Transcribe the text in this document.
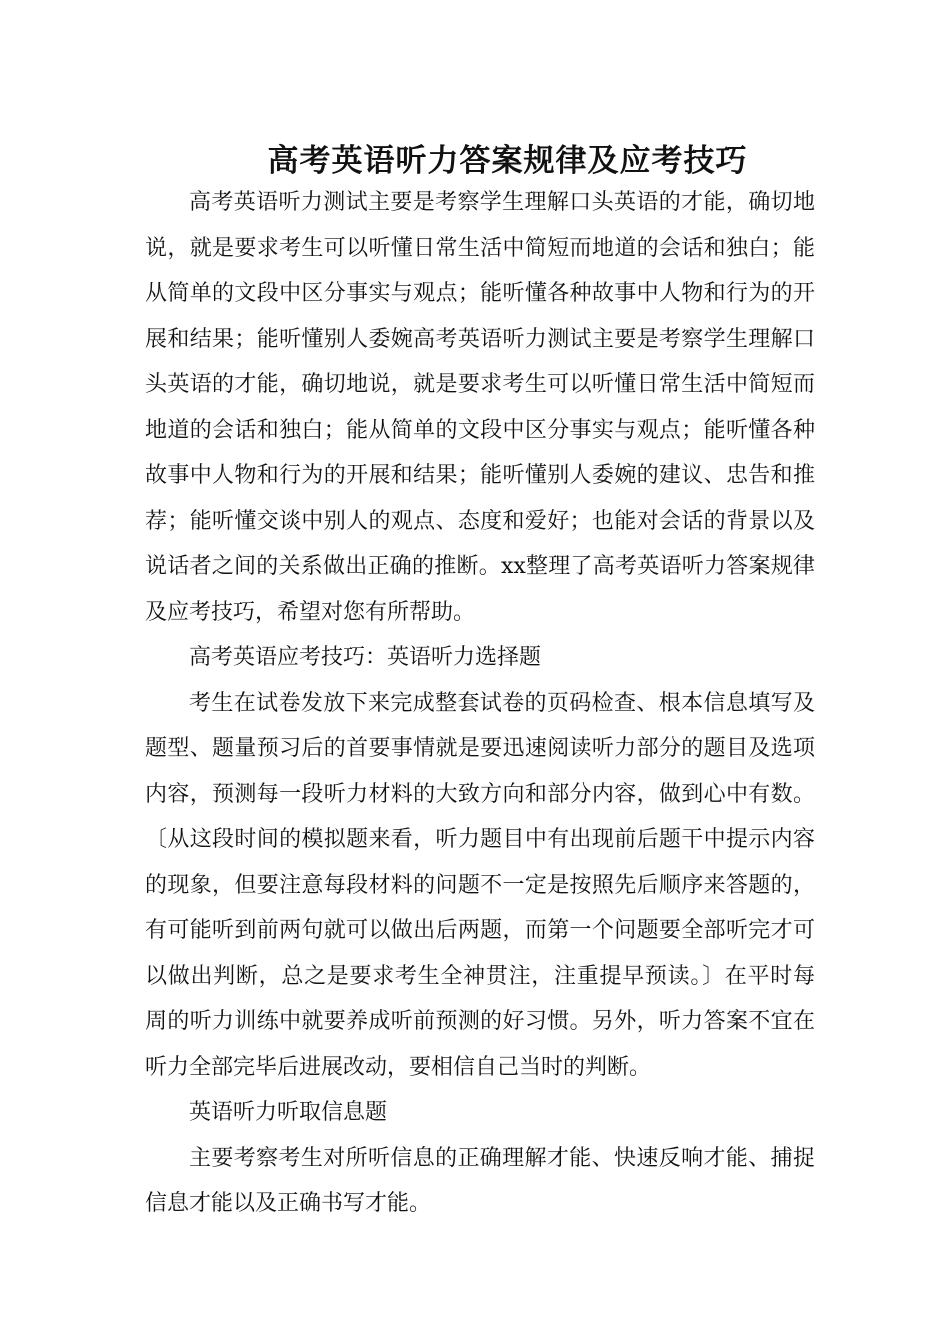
高考英语听力答案规律及应考技巧

高考英语听力测试主要是考察学生理解口头英语的才能，确切地说，就是要求考生可以听懂日常生活中简短而地道的会话和独白；能从简单的文段中区分事实与观点；能听懂各种故事中人物和行为的开展和结果；能听懂别人委婉高考英语听力测试主要是考察学生理解口头英语的才能，确切地说，就是要求考生可以听懂日常生活中简短而地道的会话和独白；能从简单的文段中区分事实与观点；能听懂各种故事中人物和行为的开展和结果；能听懂别人委婉的建议、忠告和推荐；能听懂交谈中别人的观点、态度和爱好；也能对会话的背景以及说话者之间的关系做出正确的推断。xx整理了高考英语听力答案规律及应考技巧，希望对您有所帮助。

高考英语应考技巧：英语听力选择题

考生在试卷发放下来完成整套试卷的页码检查、根本信息填写及题型、题量预习后的首要事情就是要迅速阅读听力部分的题目及选项内容，预测每一段听力材料的大致方向和部分内容，做到心中有数。〔从这段时间的模拟题来看，听力题目中有出现前后题干中提示内容的现象，但要注意每段材料的问题不一定是按照先后顺序来答题的，有可能听到前两句就可以做出后两题，而第一个问题要全部听完才可以做出判断，总之是要求考生全神贯注，注重提早预读。〕在平时每周的听力训练中就要养成听前预测的好习惯。另外，听力答案不宜在听力全部完毕后进展改动，要相信自己当时的判断。

英语听力听取信息题

主要考察考生对所听信息的正确理解才能、快速反响才能、捕捉信息才能以及正确书写才能。
